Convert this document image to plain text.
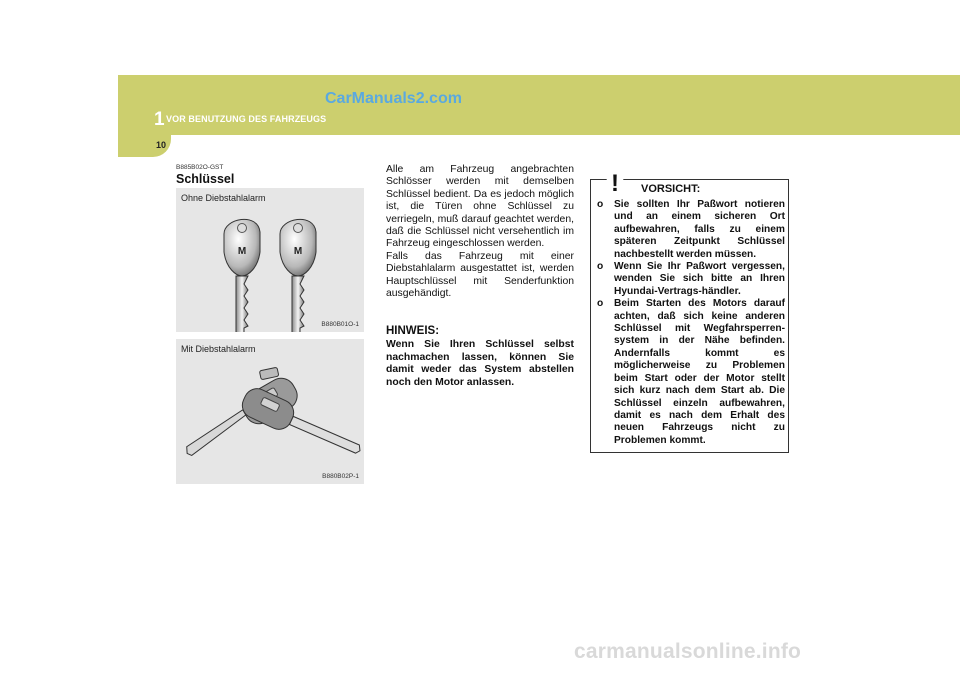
1 VOR BENUTZUNG DES FAHRZEUGS
CarManuals2.com
10
B885B02O-GST
Schlüssel
M	M
Ohne Diebstahlalarm
B880B01O-1
Mit Diebstahlalarm
B880B02P-1

Alle am Fahrzeug angebrachten Schlösser werden mit demselben Schlüssel bedient. Da es jedoch möglich ist, die Türen ohne Schlüssel zu verriegeln, muß darauf geachtet werden, daß die Schlüssel nicht versehentlich im Fahrzeug eingeschlossen werden.

Falls das Fahrzeug mit einer Diebstahlalarm ausgestattet ist, werden Hauptschlüssel mit Senderfunktion ausgehändigt.

HINWEIS:
Wenn Sie Ihren Schlüssel selbst nachmachen lassen, können Sie damit weder das System abstellen noch den Motor anlassen.
o Sie sollten Ihr Paßwort notieren und an einem sicheren Ort aufbewahren, falls zu einem späteren Zeitpunkt Schlüssel nachbestellt werden müssen.
o Wenn Sie Ihr Paßwort vergessen, wenden Sie sich bitte an Ihren Hyundai-Vertrags-händler.
o Beim Starten des Motors darauf achten, daß sich keine anderen Schlüssel mit Wegfahrsperren-system in der Nähe befinden. Andernfalls kommt es möglicherweise zu Problemen beim Start oder der Motor stellt sich kurz nach dem Start ab. Die Schlüssel einzeln aufbewahren, damit es nach dem Erhalt des neuen Fahrzeugs nicht zu Problemen kommt.
! VORSICHT:
carmanualsonline.info
